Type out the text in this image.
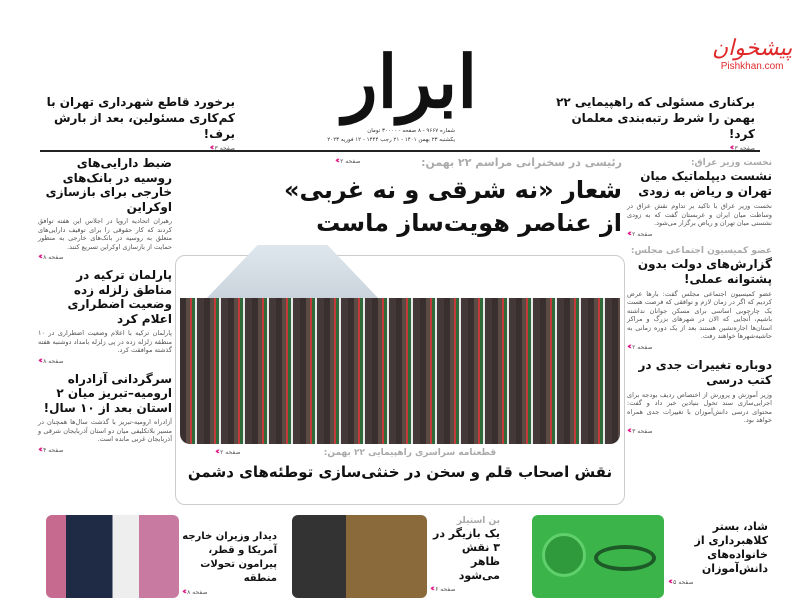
پیشخوان
Pishkhan.com
ابرار
شماره ۹۶۶۷ - ۸ صفحه - ۳۰۰۰۰ تومان
یکشنبه ۲۳ بهمن ۱۴۰۱ - ۲۱ رجب ۱۴۴۴ - ۱۲ فوریه ۲۰۲۳
برخورد قاطع شهرداری تهران با کم‌کاری مسئولین، بعد از بارش برف!
‹‹‹ صفحه ۳
برکناری مسئولی که راهپیمایی ۲۲ بهمن را شرط رتبه‌بندی معلمان کرد!
‹‹‹ صفحه ۳
رئیسی در سخنرانی مراسم ۲۲ بهمن:
‹‹‹ صفحه ۲
شعار «نه شرقی و نه غربی»
از عناصر هویت‌ساز ماست
قطعنامه سراسری راهپیمایی ۲۲ بهمن:
‹‹‹ صفحه ۲
نقش اصحاب قلم و سخن در خنثی‌سازی توطئه‌های دشمن
نخست وزیر عراق:
نشست دیپلماتیک میان تهران و ریاض به زودی
نخست وزیر عراق با تاکید بر تداوم نقش عراق در وساطت میان ایران و عربستان گفت که به زودی نشستی میان تهران و ریاض برگزار می‌شود.
‹‹‹ صفحه ۲
عضو کمیسیون اجتماعی مجلس:
گزارش‌های دولت بدون پشتوانه عملی!
عضو کمیسیون اجتماعی مجلس گفت: بارها عرض کردیم که اگر در زمان لازم و توافقی که فرصت هست یک چارچوبی اساسی برای مسکن جوانان نداشته باشیم، آنجایی که الان در شهرهای بزرگ و مراکز استان‌ها اجاره‌نشین هستند بعد از یک دوره زمانی به حاشیه‌شهرها خواهند رفت.
‹‹‹ صفحه ۲
دوباره تغییرات جدی در کتب درسی
وزیر آموزش و پرورش از اختصاص ردیف بودجه برای اجرایی‌سازی سند تحول بنیادین خبر داد و گفت: محتوای درسی دانش‌آموزان با تغییرات جدی همراه خواهد بود.
‹‹‹ صفحه ۳
ضبط دارایی‌های روسیه در بانک‌های خارجی برای بازسازی اوکراین
رهبران اتحادیه اروپا در اجلاس این هفته توافق کردند که کار حقوقی را برای توقیف دارایی‌های متعلق به روسیه در بانک‌های خارجی به منظور حمایت از بازسازی اوکراین تسریع کنند.
‹‹‹ صفحه ۸
پارلمان ترکیه در مناطق زلزله زده وضعیت اضطراری اعلام کرد
پارلمان ترکیه با اعلام وضعیت اضطراری در ۱۰ منطقه زلزله زده در پی زلزله بامداد دوشنبه هفته گذشته موافقت کرد.
‹‹‹ صفحه ۸
سرگردانی آزادراه ارومیه–تبریز میان ۲ استان بعد از ۱۰ سال!
آزادراه ارومیه-تبریز با گذشت سال‌ها همچنان در مسیر بلاتکلیفی میان دو استان آذربایجان شرقی و آذربایجان غربی مانده است.
‹‹‹ صفحه ۴
شاد، بستر کلاهبرداری از خانواده‌های دانش‌آموزان
‹‹‹ صفحه ۵
بن استیلر
یک بازیگر در ۳ نقش ظاهر می‌شود
‹‹‹ صفحه ۶
دیدار وزیران خارجه آمریکا و قطر، پیرامون تحولات منطقه
‹‹‹ صفحه ۸
